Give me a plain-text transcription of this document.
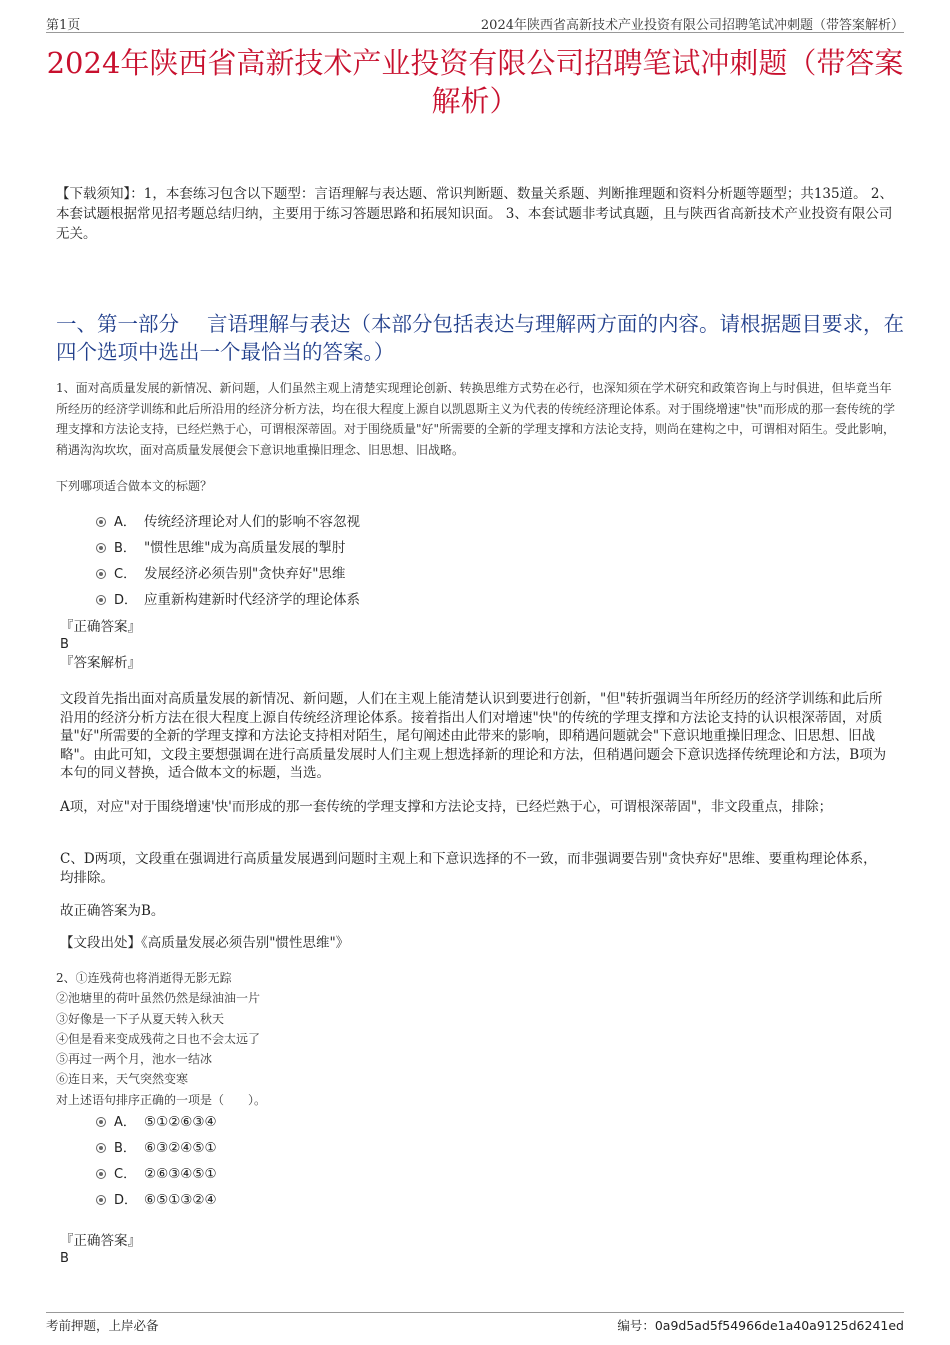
第1页	2024年陕西省高新技术产业投资有限公司招聘笔试冲刺题（带答案解析）
2024年陕西省高新技术产业投资有限公司招聘笔试冲刺题（带答案解析）
【下载须知】：1，本套练习包含以下题型：言语理解与表达题、常识判断题、数量关系题、判断推理题和资料分析题等题型；共135道。 2、本套试题根据常见招考题总结归纳，主要用于练习答题思路和拓展知识面。 3、本套试题非考试真题，且与陕西省高新技术产业投资有限公司无关。
一、第一部分 言语理解与表达（本部分包括表达与理解两方面的内容。请根据题目要求，在四个选项中选出一个最恰当的答案。）
1、面对高质量发展的新情况、新问题，人们虽然主观上清楚实现理论创新、转换思维方式势在必行，也深知须在学术研究和政策咨询上与时俱进，但毕竟当年所经历的经济学训练和此后所沿用的经济分析方法，均在很大程度上源自以凯恩斯主义为代表的传统经济理论体系。对于围绕增速"快"而形成的那一套传统的学理支撑和方法论支持，已经烂熟于心，可谓根深蒂固。对于围绕质量"好"所需要的全新的学理支撑和方法论支持，则尚在建构之中，可谓相对陌生。受此影响，稍遇沟沟坎坎，面对高质量发展便会下意识地重操旧理念、旧思想、旧战略。
下列哪项适合做本文的标题？
A． 传统经济理论对人们的影响不容忽视
B． "惯性思维"成为高质量发展的掣肘
C． 发展经济必须告别"贪快弃好"思维
D． 应重新构建新时代经济学的理论体系
『正确答案』
B
『答案解析』
文段首先指出面对高质量发展的新情况、新问题，人们在主观上能清楚认识到要进行创新，"但"转折强调当年所经历的经济学训练和此后所沿用的经济分析方法在很大程度上源自传统经济理论体系。接着指出人们对增速"快"的传统的学理支撑和方法论支持的认识根深蒂固，对质量"好"所需要的全新的学理支撑和方法论支持相对陌生，尾句阐述由此带来的影响，即稍遇问题就会"下意识地重操旧理念、旧思想、旧战略"。由此可知，文段主要想强调在进行高质量发展时人们主观上想选择新的理论和方法，但稍遇问题会下意识选择传统理论和方法，B项为本句的同义替换，适合做本文的标题，当选。
A项，对应"对于围绕增速'快'而形成的那一套传统的学理支撑和方法论支持，已经烂熟于心，可谓根深蒂固"，非文段重点，排除；
C、D两项，文段重在强调进行高质量发展遇到问题时主观上和下意识选择的不一致，而非强调要告别"贪快弃好"思维、要重构理论体系，均排除。
故正确答案为B。
【文段出处】《高质量发展必须告别"惯性思维"》
2、①连残荷也将消逝得无影无踪
②池塘里的荷叶虽然仍然是绿油油一片
③好像是一下子从夏天转入秋天
④但是看来变成残荷之日也不会太远了
⑤再过一两个月，池水一结冰
⑥连日来，天气突然变寒
对上述语句排序正确的一项是（　　）。
A． ⑤①②⑥③④
B． ⑥③②④⑤①
C． ②⑥③④⑤①
D． ⑥⑤①③②④
『正确答案』
B
考前押题，上岸必备	编号：0a9d5ad5f54966de1a40a9125d6241ed
